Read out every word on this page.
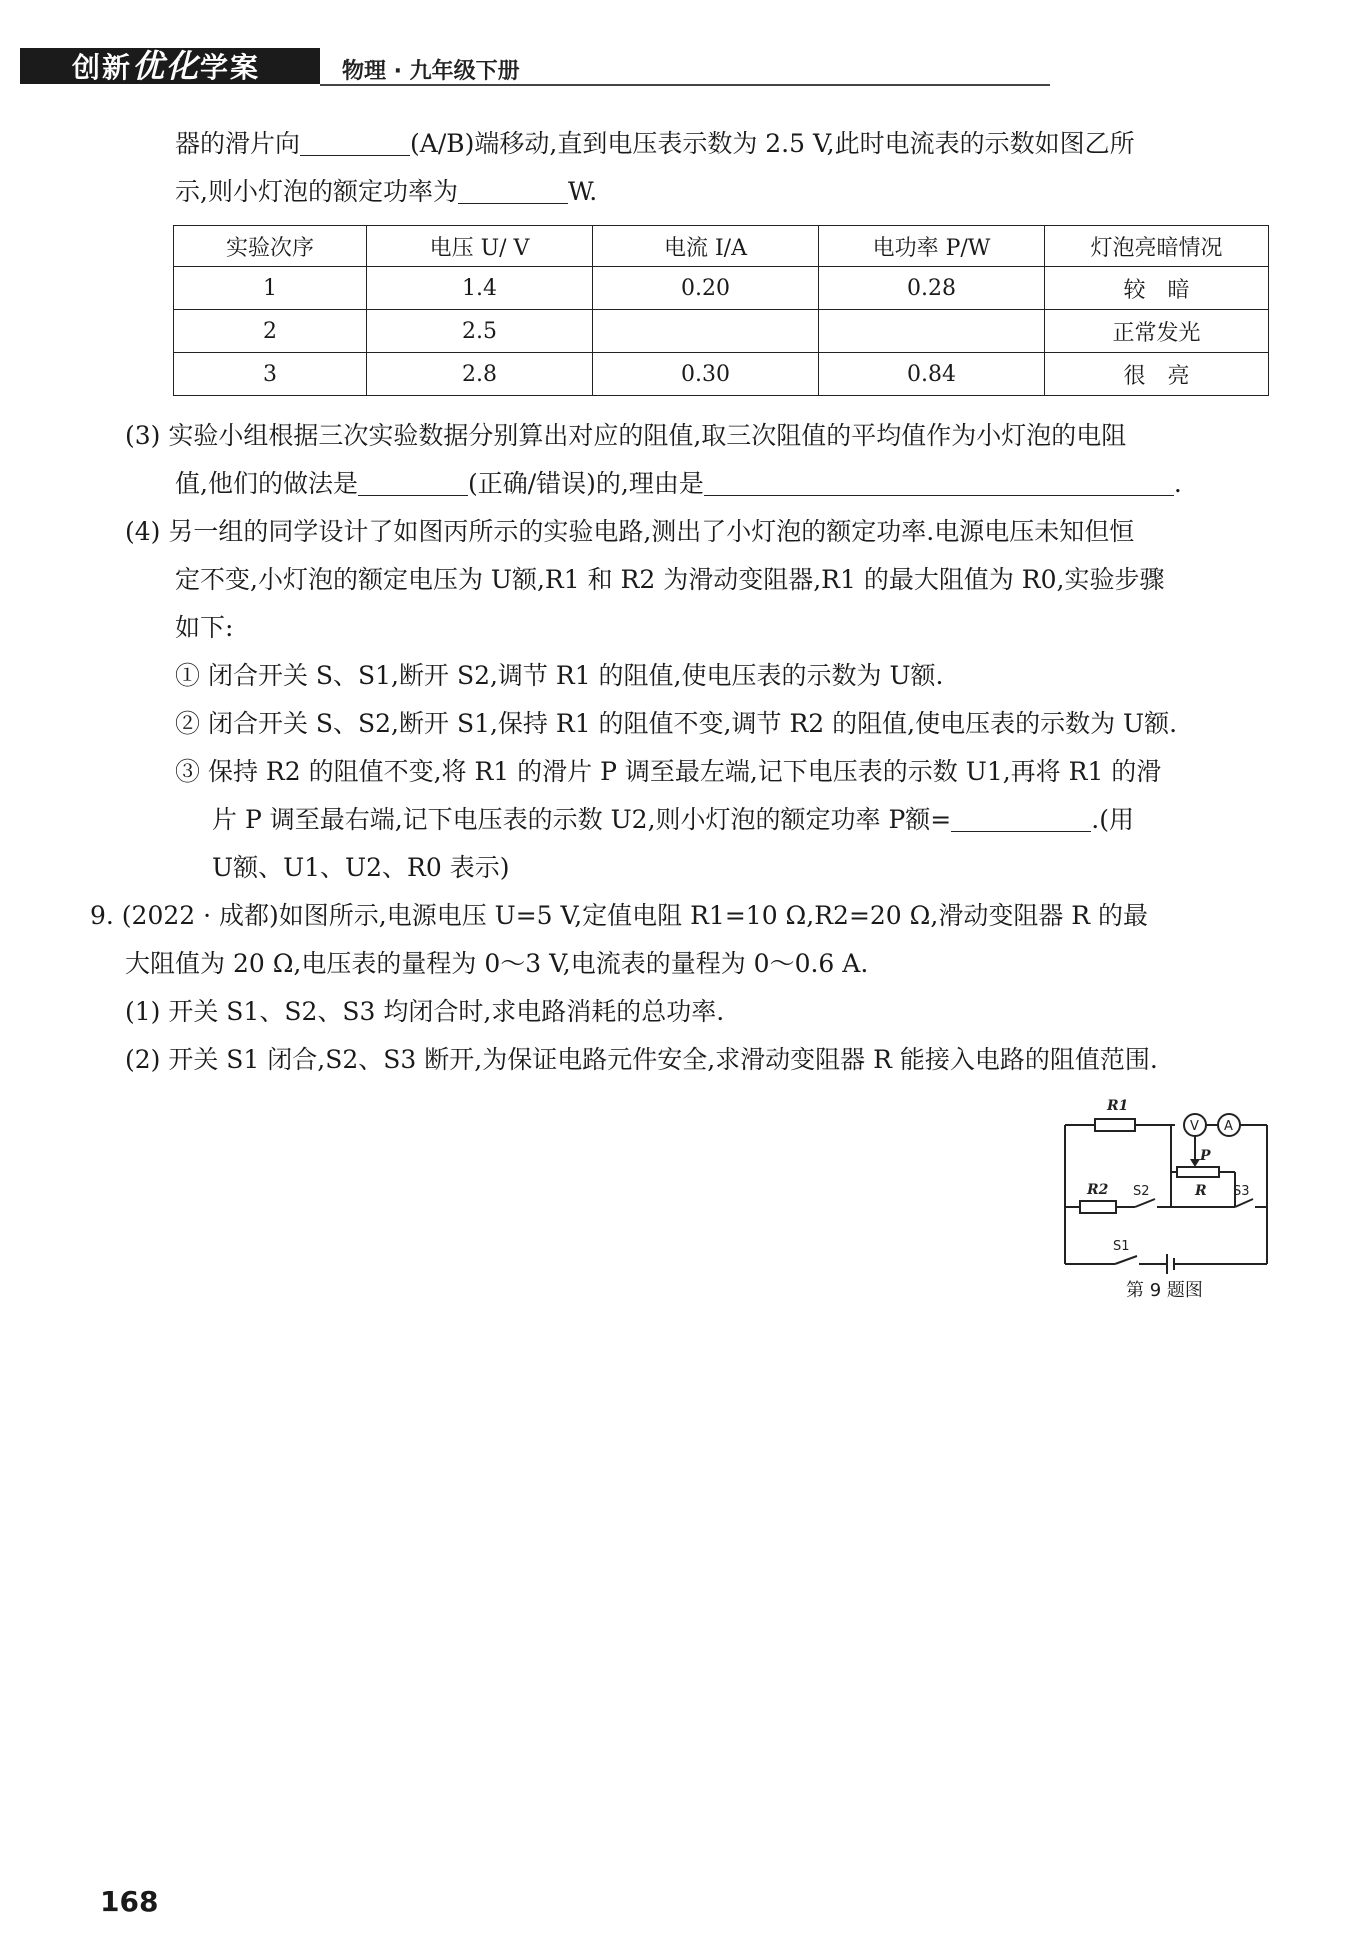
创新优化学案	物理 · 九年级下册
器的滑片向	(A/B)端移动,直到电压表示数为 2.5 V,此时电流表的示数如图乙所
示,则小灯泡的额定功率为	W.
实验次序	电压 U/ V	电流 I/A	电功率 P/W	灯泡亮暗情况
1	1.4	0.20	0.28	较　暗
2	2.5			正常发光
3	2.8	0.30	0.84	很　亮
(3) 实验小组根据三次实验数据分别算出对应的阻值,取三次阻值的平均值作为小灯泡的电阻
值,他们的做法是	(正确/错误)的,理由是	.
(4) 另一组的同学设计了如图丙所示的实验电路,测出了小灯泡的额定功率.电源电压未知但恒
定不变,小灯泡的额定电压为 U额,R1 和 R2 为滑动变阻器,R1 的最大阻值为 R0,实验步骤
如下:
① 闭合开关 S、S1,断开 S2,调节 R1 的阻值,使电压表的示数为 U额.
② 闭合开关 S、S2,断开 S1,保持 R1 的阻值不变,调节 R2 的阻值,使电压表的示数为 U额.
③ 保持 R2 的阻值不变,将 R1 的滑片 P 调至最左端,记下电压表的示数 U1,再将 R1 的滑
片 P 调至最右端,记下电压表的示数 U2,则小灯泡的额定功率 P额=	.(用
U额、U1、U2、R0 表示)
9. (2022 · 成都)如图所示,电源电压 U=5 V,定值电阻 R1=10 Ω,R2=20 Ω,滑动变阻器 R 的最
大阻值为 20 Ω,电压表的量程为 0～3 V,电流表的量程为 0～0.6 A.
(1) 开关 S1、S2、S3 均闭合时,求电路消耗的总功率.
(2) 开关 S1 闭合,S2、S3 断开,为保证电路元件安全,求滑动变阻器 R 能接入电路的阻值范围.
R1
R2	R
P
S2	S3
S1
V A
第 9 题图
168
